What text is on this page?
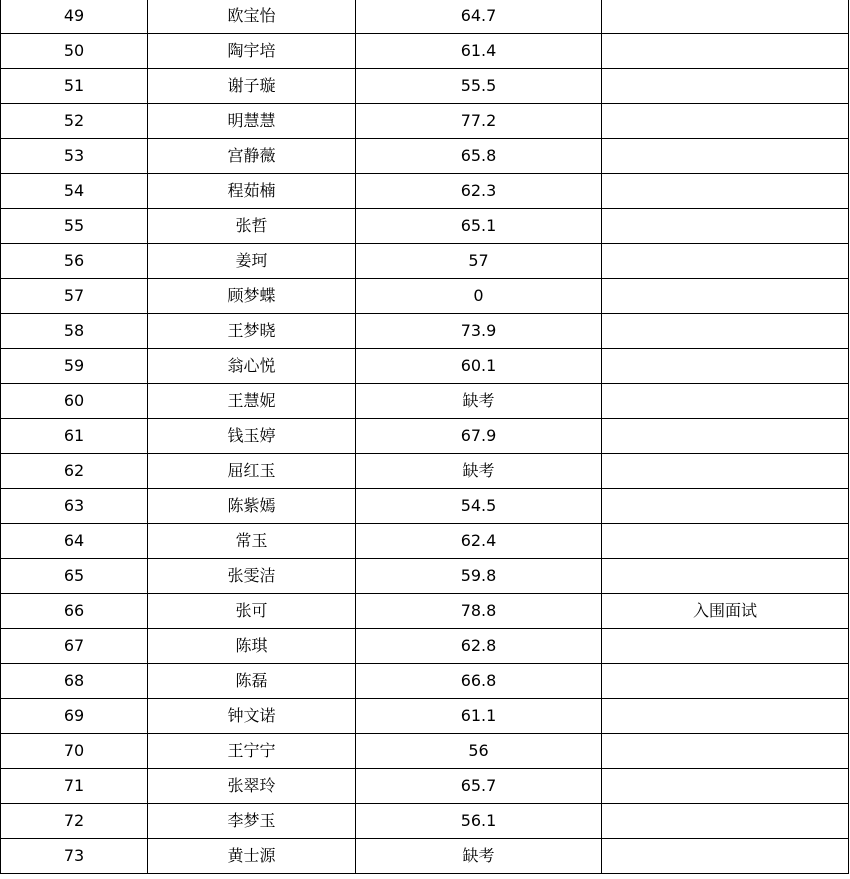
49	欧宝怡	64.7	
50	陶宇培	61.4	
51	谢子璇	55.5	
52	明慧慧	77.2	
53	宫静薇	65.8	
54	程茹楠	62.3	
55	张哲	65.1	
56	姜珂	57	
57	顾梦蝶	0	
58	王梦晓	73.9	
59	翁心悦	60.1	
60	王慧妮	缺考	
61	钱玉婷	67.9	
62	屈红玉	缺考	
63	陈紫嫣	54.5	
64	常玉	62.4	
65	张雯洁	59.8	
66	张可	78.8	入围面试
67	陈琪	62.8	
68	陈磊	66.8	
69	钟文诺	61.1	
70	王宁宁	56	
71	张翠玲	65.7	
72	李梦玉	56.1	
73	黄士源	缺考	
